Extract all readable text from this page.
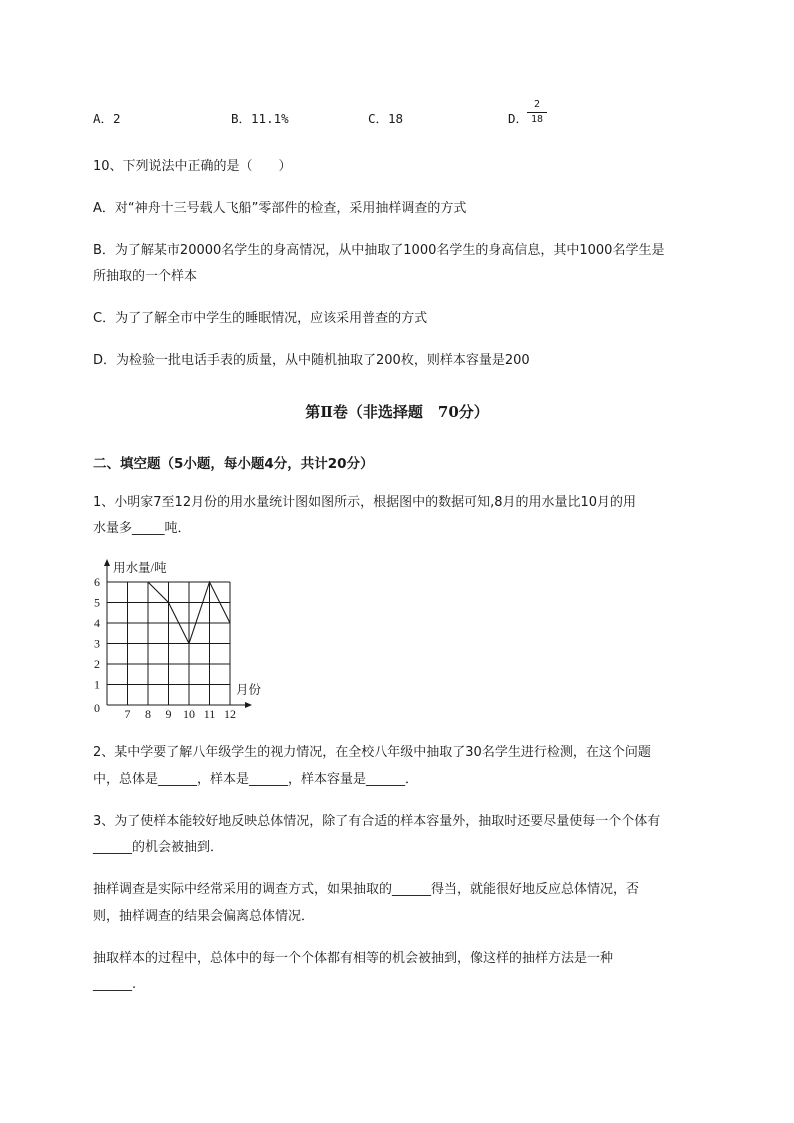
A．2	B．11.1%	C．18	D．
2
18
10、下列说法中正确的是（　　）
A．对“神舟十三号载人飞船”零部件的检查，采用抽样调查的方式
B．为了解某市20000名学生的身高情况，从中抽取了1000名学生的身高信息，其中1000名学生是
所抽取的一个样本
C．为了了解全市中学生的睡眠情况，应该采用普查的方式
D．为检验一批电话手表的质量，从中随机抽取了200枚，则样本容量是200
第Ⅱ卷（非选择题　70分）
二、填空题（5小题，每小题4分，共计20分）
1、小明家7至12月份的用水量统计图如图所示，根据图中的数据可知,8月的用水量比10月的用
水量多_____吨．
7 8 9 10 11 12
1
2
3
4
5
6
用水量/吨
月份
0
2、某中学要了解八年级学生的视力情况，在全校八年级中抽取了30名学生进行检测，在这个问题
中，总体是______，样本是______，样本容量是______．
3、为了使样本能较好地反映总体情况，除了有合适的样本容量外，抽取时还要尽量使每一个个体有
______的机会被抽到．
抽样调查是实际中经常采用的调查方式，如果抽取的______得当，就能很好地反应总体情况，否
则，抽样调查的结果会偏离总体情况．
抽取样本的过程中，总体中的每一个个体都有相等的机会被抽到，像这样的抽样方法是一种
______.
